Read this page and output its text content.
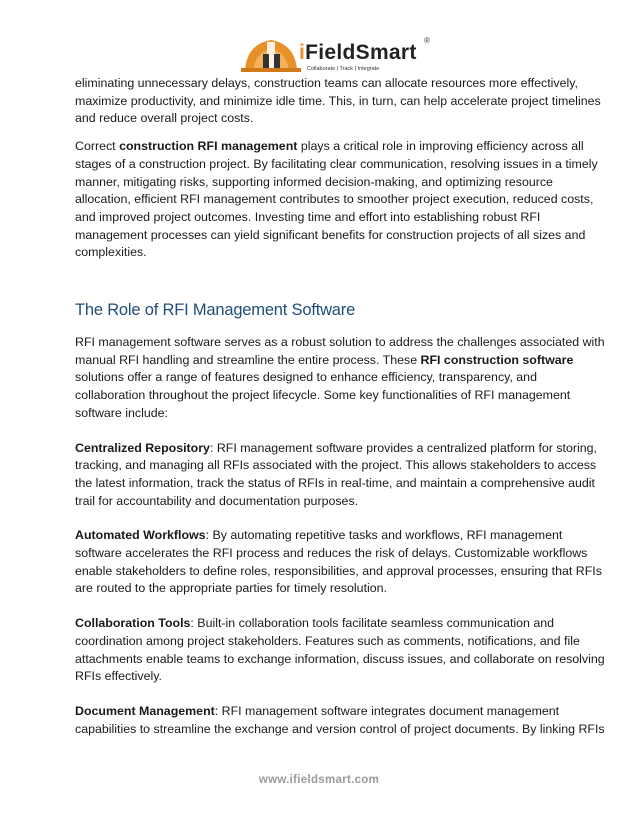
iFieldSmart
®
Collaborate | Track | Integrate

eliminating unnecessary delays, construction teams can allocate resources more effectively, maximize productivity, and minimize idle time. This, in turn, can help accelerate project timelines and reduce overall project costs.

Correct construction RFI management plays a critical role in improving efficiency across all stages of a construction project. By facilitating clear communication, resolving issues in a timely manner, mitigating risks, supporting informed decision-making, and optimizing resource allocation, efficient RFI management contributes to smoother project execution, reduced costs, and improved project outcomes. Investing time and effort into establishing robust RFI management processes can yield significant benefits for construction projects of all sizes and complexities.

The Role of RFI Management Software

RFI management software serves as a robust solution to address the challenges associated with manual RFI handling and streamline the entire process. These RFI construction software solutions offer a range of features designed to enhance efficiency, transparency, and collaboration throughout the project lifecycle. Some key functionalities of RFI management software include:

Centralized Repository: RFI management software provides a centralized platform for storing, tracking, and managing all RFIs associated with the project. This allows stakeholders to access the latest information, track the status of RFIs in real-time, and maintain a comprehensive audit trail for accountability and documentation purposes.

Automated Workflows: By automating repetitive tasks and workflows, RFI management software accelerates the RFI process and reduces the risk of delays. Customizable workflows enable stakeholders to define roles, responsibilities, and approval processes, ensuring that RFIs are routed to the appropriate parties for timely resolution.

Collaboration Tools: Built-in collaboration tools facilitate seamless communication and coordination among project stakeholders. Features such as comments, notifications, and file attachments enable teams to exchange information, discuss issues, and collaborate on resolving RFIs effectively.

Document Management: RFI management software integrates document management capabilities to streamline the exchange and version control of project documents. By linking RFIs

www.ifieldsmart.com
